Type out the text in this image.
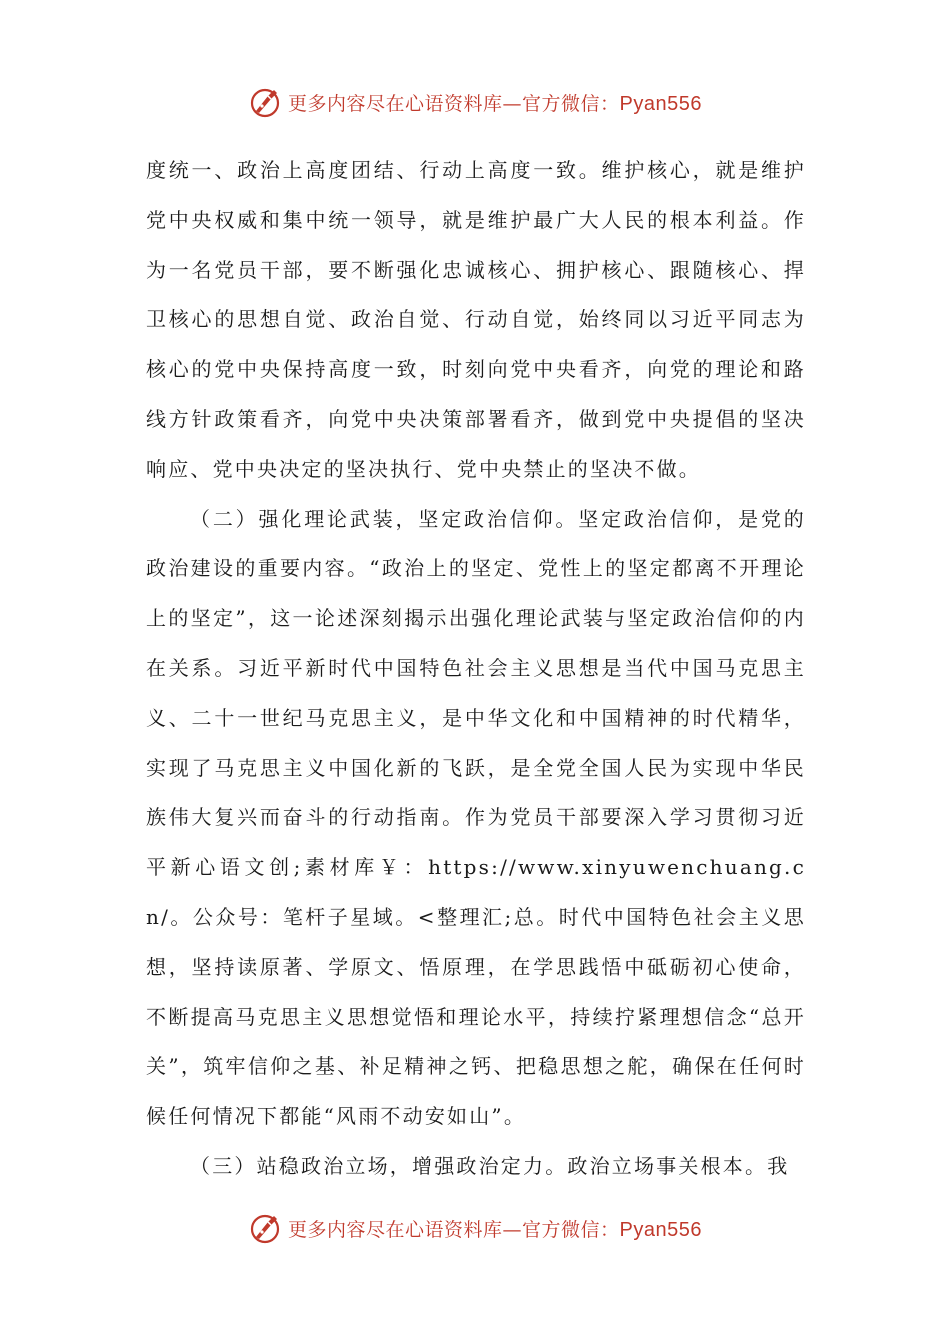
更多内容尽在心语资料库—官方微信：Pyan556

度统一、政治上高度团结、行动上高度一致。维护核心，就是维护党中央权威和集中统一领导，就是维护最广大人民的根本利益。作为一名党员干部，要不断强化忠诚核心、拥护核心、跟随核心、捍卫核心的思想自觉、政治自觉、行动自觉，始终同以习近平同志为核心的党中央保持高度一致，时刻向党中央看齐，向党的理论和路线方针政策看齐，向党中央决策部署看齐，做到党中央提倡的坚决响应、党中央决定的坚决执行、党中央禁止的坚决不做。

（二）强化理论武装，坚定政治信仰。坚定政治信仰，是党的政治建设的重要内容。“政治上的坚定、党性上的坚定都离不开理论上的坚定”，这一论述深刻揭示出强化理论武装与坚定政治信仰的内在关系。习近平新时代中国特色社会主义思想是当代中国马克思主义、二十一世纪马克思主义，是中华文化和中国精神的时代精华，实现了马克思主义中国化新的飞跃，是全党全国人民为实现中华民族伟大复兴而奋斗的行动指南。作为党员干部要深入学习贯彻习近平新心语文创;素材库￥：https://www.xinyuwenchuang.cn/。公众号：笔杆子星域。<整理汇;总。时代中国特色社会主义思想，坚持读原著、学原文、悟原理，在学思践悟中砥砺初心使命，不断提高马克思主义思想觉悟和理论水平，持续拧紧理想信念“总开关”，筑牢信仰之基、补足精神之钙、把稳思想之舵，确保在任何时候任何情况下都能“风雨不动安如山”。

（三）站稳政治立场，增强政治定力。政治立场事关根本。我

更多内容尽在心语资料库—官方微信：Pyan556
